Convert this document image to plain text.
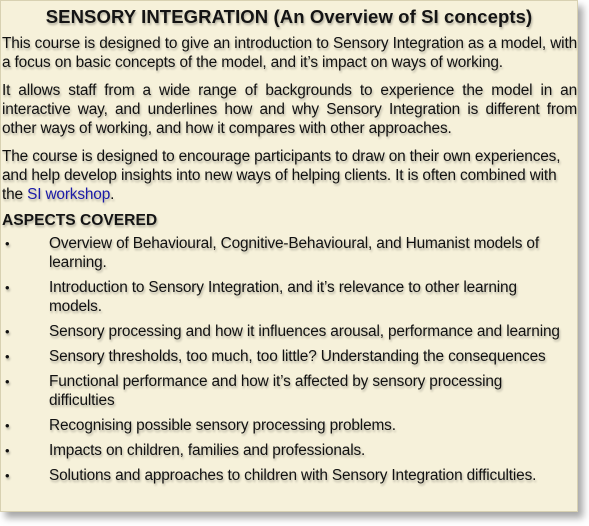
SENSORY INTEGRATION (An Overview of SI concepts)

This course is designed to give an introduction to Sensory Integration as a model, with a focus on basic concepts of the model, and it’s impact on ways of working.

It allows staff from a wide range of backgrounds to experience the model in an interactive way, and underlines how and why Sensory Integration is different from other ways of working, and how it compares with other approaches.

The course is designed to encourage participants to draw on their own experiences, and help develop insights into new ways of helping clients. It is often combined with the SI workshop.

ASPECTS COVERED
•	Overview of Behavioural, Cognitive-Behavioural, and Humanist models of learning.
•	Introduction to Sensory Integration, and it’s relevance to other learning models.
•	Sensory processing and how it influences arousal, performance and learning
•	Sensory thresholds, too much, too little? Understanding the consequences
•	Functional performance and how it’s affected by sensory processing difficulties
•	Recognising possible sensory processing problems.
•	Impacts on children, families and professionals.
•	Solutions and approaches to children with Sensory Integration difficulties.
